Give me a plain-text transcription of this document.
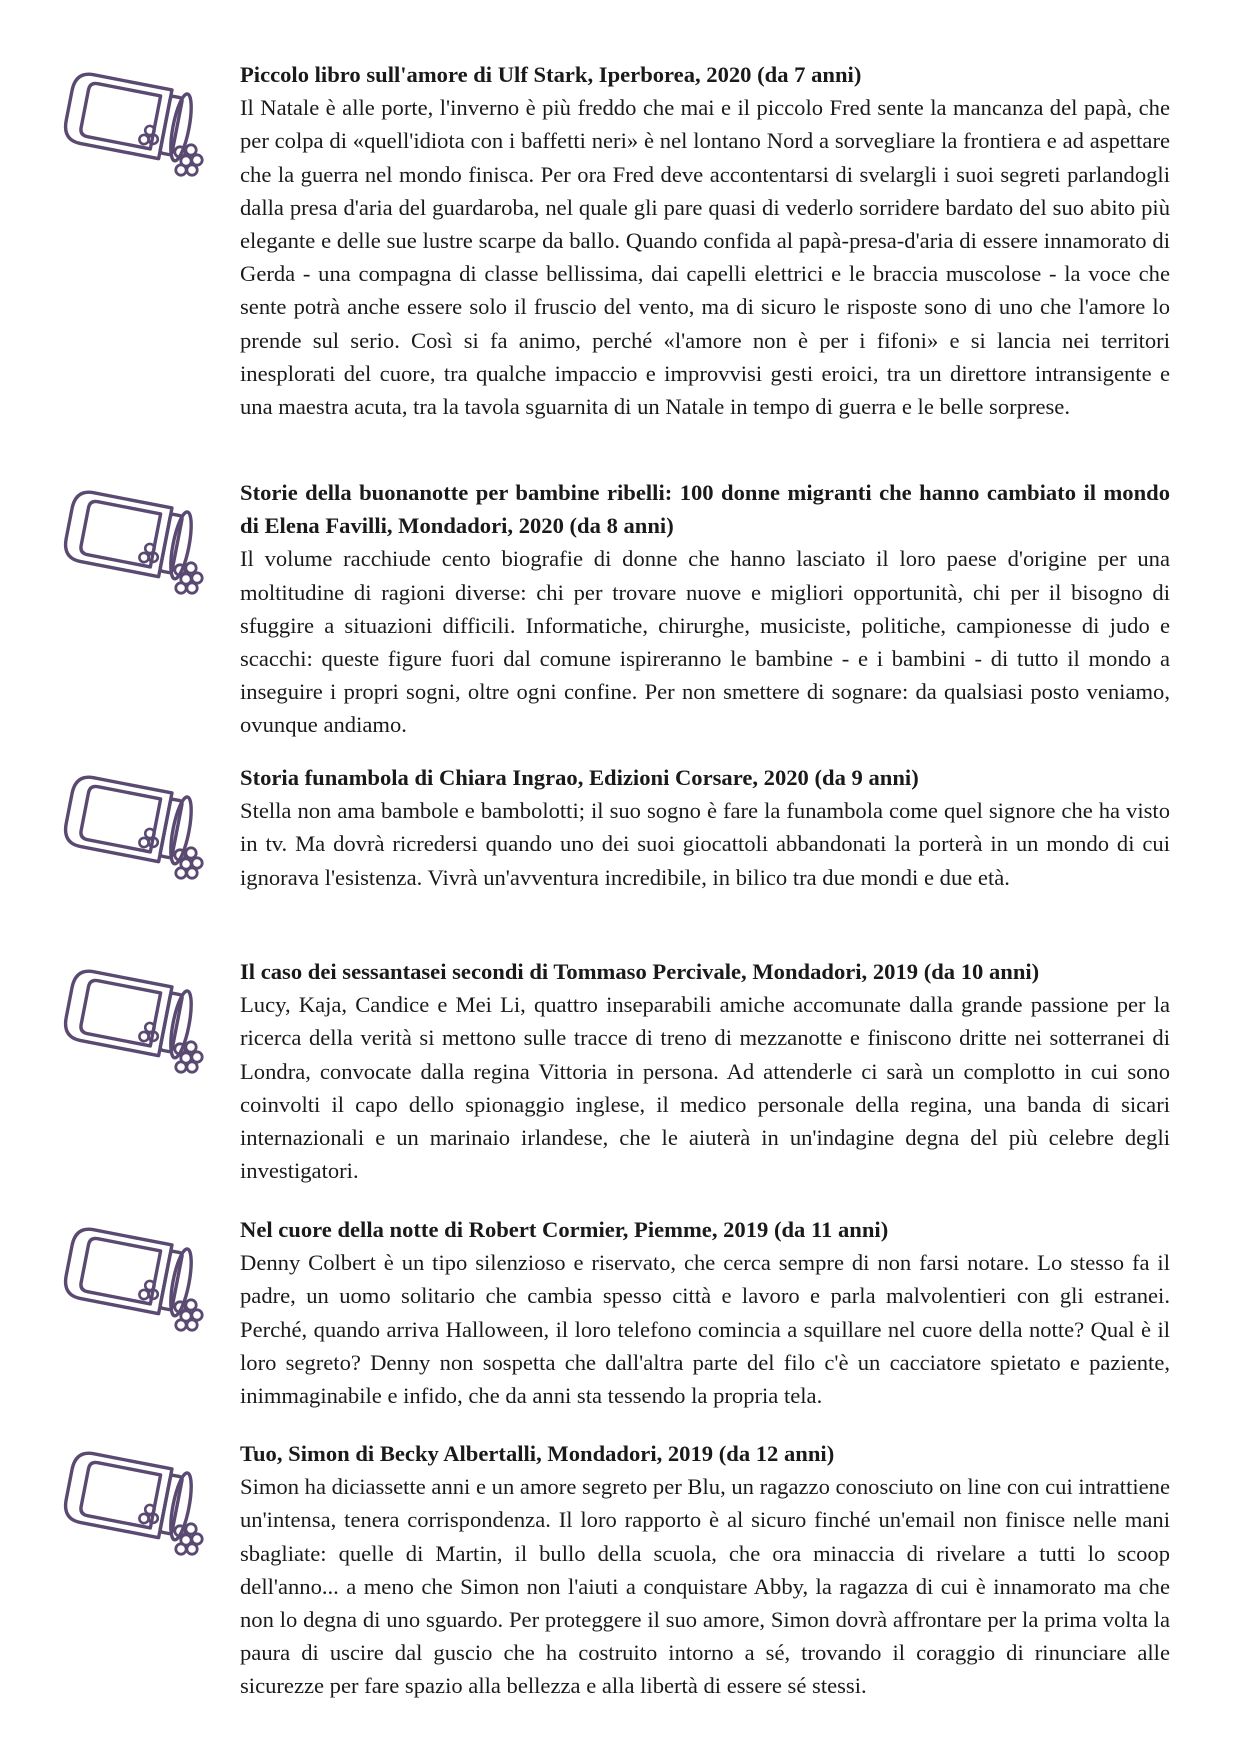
Piccolo libro sull'amore di Ulf Stark, Iperborea, 2020 (da 7 anni)

Il Natale è alle porte, l'inverno è più freddo che mai e il piccolo Fred sente la mancanza del papà, che per colpa di «quell'idiota con i baffetti neri» è nel lontano Nord a sorvegliare la frontiera e ad aspettare che la guerra nel mondo finisca. Per ora Fred deve accontentarsi di svelargli i suoi segreti parlandogli dalla presa d'aria del guardaroba, nel quale gli pare quasi di vederlo sorridere bardato del suo abito più elegante e delle sue lustre scarpe da ballo. Quando confida al papà-presa-d'aria di essere innamorato di Gerda - una compagna di classe bellissima, dai capelli elettrici e le braccia muscolose - la voce che sente potrà anche essere solo il fruscio del vento, ma di sicuro le risposte sono di uno che l'amore lo prende sul serio. Così si fa animo, perché «l'amore non è per i fifoni» e si lancia nei territori inesplorati del cuore, tra qualche impaccio e improvvisi gesti eroici, tra un direttore intransigente e una maestra acuta, tra la tavola sguarnita di un Natale in tempo di guerra e le belle sorprese.

Storie della buonanotte per bambine ribelli: 100 donne migranti che hanno cambiato il mondo di Elena Favilli, Mondadori, 2020 (da 8 anni)

Il volume racchiude cento biografie di donne che hanno lasciato il loro paese d'origine per una moltitudine di ragioni diverse: chi per trovare nuove e migliori opportunità, chi per il bisogno di sfuggire a situazioni difficili. Informatiche, chirurghe, musiciste, politiche, campionesse di judo e scacchi: queste figure fuori dal comune ispireranno le bambine - e i bambini - di tutto il mondo a inseguire i propri sogni, oltre ogni confine. Per non smettere di sognare: da qualsiasi posto veniamo, ovunque andiamo.

Storia funambola di Chiara Ingrao, Edizioni Corsare, 2020 (da 9 anni)

Stella non ama bambole e bambolotti; il suo sogno è fare la funambola come quel signore che ha visto in tv. Ma dovrà ricredersi quando uno dei suoi giocattoli abbandonati la porterà in un mondo di cui ignorava l'esistenza. Vivrà un'avventura incredibile, in bilico tra due mondi e due età.

Il caso dei sessantasei secondi di Tommaso Percivale, Mondadori, 2019 (da 10 anni)

Lucy, Kaja, Candice e Mei Li, quattro inseparabili amiche accomunate dalla grande passione per la ricerca della verità si mettono sulle tracce di treno di mezzanotte e finiscono dritte nei sotterranei di Londra, convocate dalla regina Vittoria in persona. Ad attenderle ci sarà un complotto in cui sono coinvolti il capo dello spionaggio inglese, il medico personale della regina, una banda di sicari internazionali e un marinaio irlandese, che le aiuterà in un'indagine degna del più celebre degli investigatori.

Nel cuore della notte di Robert Cormier, Piemme, 2019 (da 11 anni)

Denny Colbert è un tipo silenzioso e riservato, che cerca sempre di non farsi notare. Lo stesso fa il padre, un uomo solitario che cambia spesso città e lavoro e parla malvolentieri con gli estranei. Perché, quando arriva Halloween, il loro telefono comincia a squillare nel cuore della notte? Qual è il loro segreto? Denny non sospetta che dall'altra parte del filo c'è un cacciatore spietato e paziente, inimmaginabile e infido, che da anni sta tessendo la propria tela.

Tuo, Simon di Becky Albertalli, Mondadori, 2019 (da 12 anni)

Simon ha diciassette anni e un amore segreto per Blu, un ragazzo conosciuto on line con cui intrattiene un'intensa, tenera corrispondenza. Il loro rapporto è al sicuro finché un'email non finisce nelle mani sbagliate: quelle di Martin, il bullo della scuola, che ora minaccia di rivelare a tutti lo scoop dell'anno... a meno che Simon non l'aiuti a conquistare Abby, la ragazza di cui è innamorato ma che non lo degna di uno sguardo. Per proteggere il suo amore, Simon dovrà affrontare per la prima volta la paura di uscire dal guscio che ha costruito intorno a sé, trovando il coraggio di rinunciare alle sicurezze per fare spazio alla bellezza e alla libertà di essere sé stessi.
